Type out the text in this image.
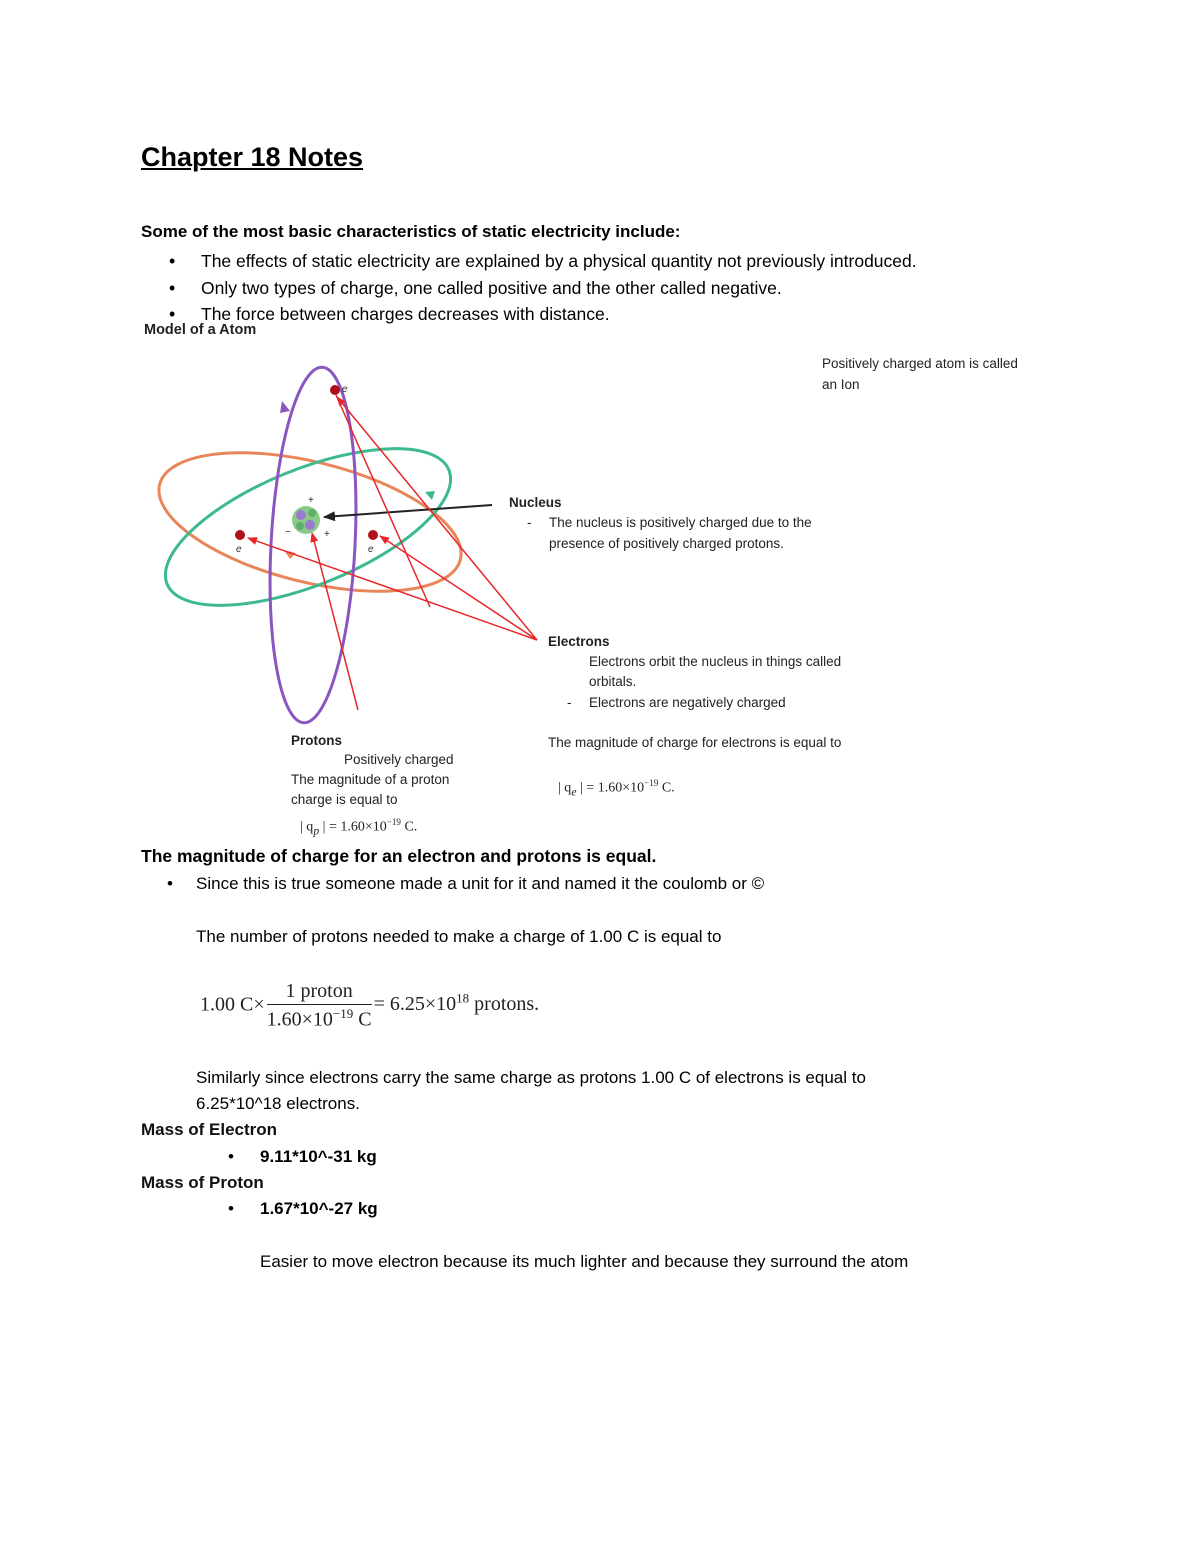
Chapter 18 Notes
Some of the most basic characteristics of static electricity include:
• The effects of static electricity are explained by a physical quantity not previously introduced.
• Only two types of charge, one called positive and the other called negative.
• The force between charges decreases with distance.
Model of a Atom
+
+
−
e
e	e
Positively charged atom is called
an Ion
Nucleus
- The nucleus is positively charged due to the
presence of positively charged protons.
Electrons
Electrons orbit the nucleus in things called
orbitals.
- Electrons are negatively charged
The magnitude of charge for electrons is equal to
| $q_e$ | = $1.60\times 10^{-19}$ C.
Protons
Positively charged
The magnitude of a proton
charge is equal to
| $q_p$ | = $1.60\times 10^{-19}$ C.
The magnitude of charge for an electron and protons is equal.
• Since this is true someone made a unit for it and named it the coulomb or ©
The number of protons needed to make a charge of 1.00 C is equal to
1.00 $C\times \frac{\text{1 proton}}{1.60\times 10^{-19} C} = 6.25\times 10^{18}$ protons.
Similarly since electrons carry the same charge as protons 1.00 C of electrons is equal to
6.25*10^18 electrons.
Mass of Electron
• 9.11*10^-31 kg
Mass of Proton
• 1.67*10^-27 kg
Easier to move electron because its much lighter and because they surround the atom
